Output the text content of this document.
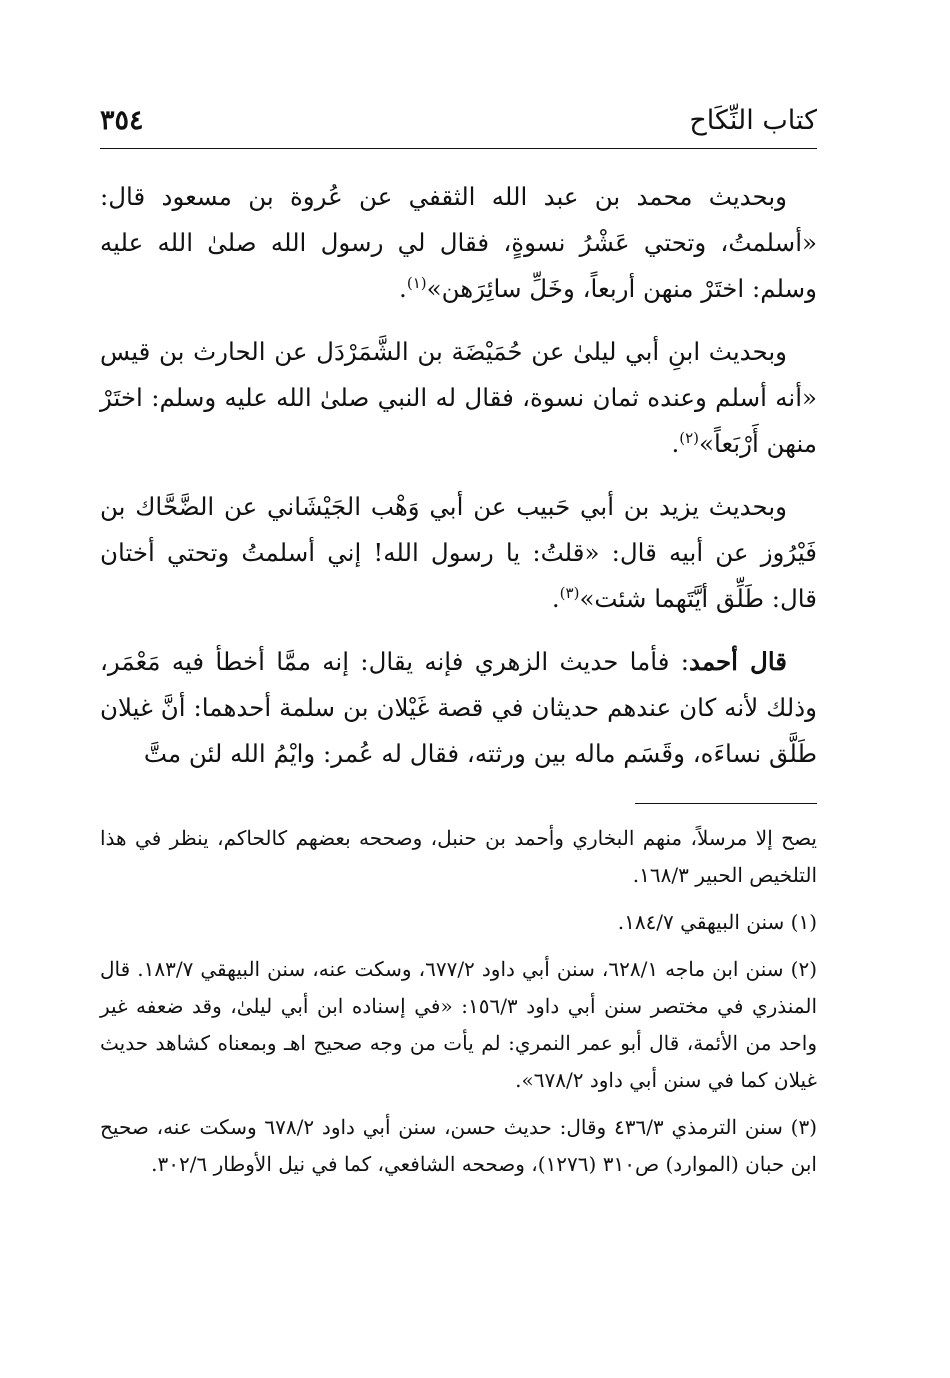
كتاب النِّكَاح
٣٥٤

وبحديث محمد بن عبد الله الثقفي عن عُروة بن مسعود قال: «أسلمتُ، وتحتي عَشْرُ نسوةٍ، فقال لي رسول الله صلىٰ الله عليه وسلم: اختَرْ منهن أربعاً، وخَلِّ سائِرَهن»$^{(١)}$.

وبحديث ابنِ أبي ليلىٰ عن حُمَيْضَة بن الشَّمَرْدَل عن الحارث بن قيس «أنه أسلم وعنده ثمان نسوة، فقال له النبي صلىٰ الله عليه وسلم: اختَرْ منهن أَرْبَعاً»$^{(٢)}$.

وبحديث يزيد بن أبي حَبيب عن أبي وَهْب الجَيْشَاني عن الضَّحَّاك بن فَيْرُوز عن أبيه قال: «قلتُ: يا رسول الله! إني أسلمتُ وتحتي أختان قال: طَلِّق أيَّتَهما شئت»$^{(٣)}$.

قال أحمد: فأما حديث الزهري فإنه يقال: إنه ممَّا أخطأ فيه مَعْمَر، وذلك لأنه كان عندهم حديثان في قصة غَيْلان بن سلمة أحدهما: أنَّ غيلان طَلَّق نساءَه، وقَسَم ماله بين ورثته، فقال له عُمر: وايْمُ الله لئن متَّ

يصح إلا مرسلاً، منهم البخاري وأحمد بن حنبل، وصححه بعضهم كالحاكم، ينظر في هذا التلخيص الحبير ١٦٨/٣.

(١) سنن البيهقي ١٨٤/٧.

(٢) سنن ابن ماجه ٦٢٨/١، سنن أبي داود ٦٧٧/٢، وسكت عنه، سنن البيهقي ١٨٣/٧. قال المنذري في مختصر سنن أبي داود ١٥٦/٣: «في إسناده ابن أبي ليلىٰ، وقد ضعفه غير واحد من الأئمة، قال أبو عمر النمري: لم يأت من وجه صحيح اهـ وبمعناه كشاهد حديث غيلان كما في سنن أبي داود ٦٧٨/٢».

(٣) سنن الترمذي ٤٣٦/٣ وقال: حديث حسن، سنن أبي داود ٦٧٨/٢ وسكت عنه، صحيح ابن حبان (الموارد) ص٣١٠ (١٢٧٦)، وصححه الشافعي، كما في نيل الأوطار ٣٠٢/٦.
